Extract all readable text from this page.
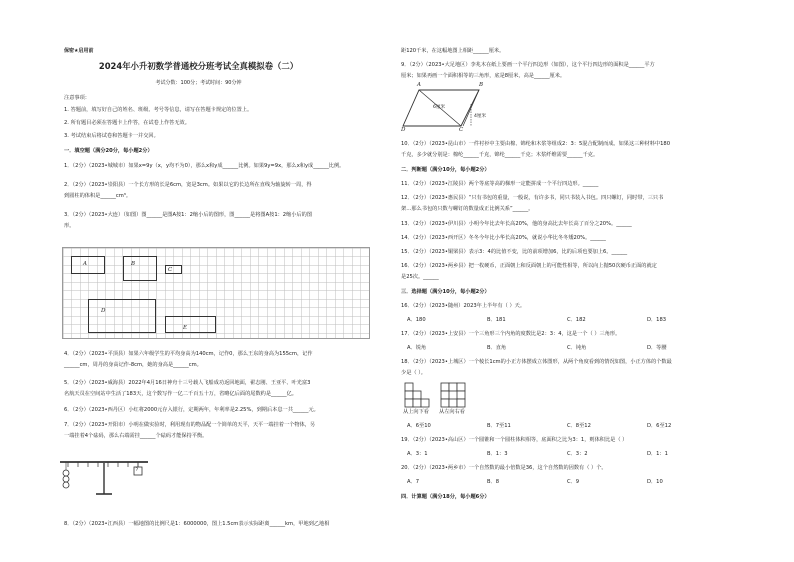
保密★启用前
2024年小升初数学普通校分班考试全真模拟卷（二）
考试分数：100分；考试时间：90分钟
注意事项：
1. 答题前，填写好自己的姓名、班级、考号等信息，请写在答题卡规定的位置上。
2. 所有题目必须在答题卡上作答，在试卷上作答无效。
3. 考试结束后将试卷和答题卡一并交回。
一．填空题（满分20分，每小题2分）
1．（2分）（2023•城城市）如果x=9y（x，y均不为0），那么x和y成______比例。如果9y=9x，那么x和y成______比例。
2．（2分）（2023•崇阳县）一个长方形的长是6cm，宽是3cm。如果以它的长边所在直线为轴旋转一周，得
到圆柱的体积是______cm³。
3．（2分）（2023•大连）（如图）图______是图A按1：2缩小后的图形，图______是将图A按1：2缩小后的图
形。
A	B
C
D
E
4．（2分）（2023•平顶县）如果六年级学生的平均身高为140cm，记作0，那么王东的身高为155cm，记作
______cm，周丹的身高记作-8cm，她的身高是______cm。
5．（2分）（2023•威海县）2022年4月16日神舟十三号载人飞船成功返回地面，翟志刚、王亚平、叶光富3
名航天员在空间站中生活了183天，这个数写作一亿二千百五十万，省略亿后面的尾数约是______亿。
6．（2分）（2023•西丹区）小红将2000元存入银行，定期两年，年利率是2.25%，到期后本息一共______元。
7．（2分）（2023•开阳市）小明在做实验时，利用现有的物品配一个简单的天平，天平一端挂着一个物体，另
一端挂着4个砝码，那么右端需挂______个砝码才能保持平衡。
?
8．（2分）（2023•江西县）一幅地图的比例尺是1：6000000，图上1.5cm表示实际距离______km，甲地到乙地相
距120千米，在这幅地图上相距______厘米。
9．（2分）（2023•大足地区）李兆木在纸上要画一个平行四边形（如图），这个平行四边形的面积是______平方
厘米；如果再画一个面积相等的三角形，底是8厘米，高是______厘米。
A	B
C
D
6厘米
4厘米
10．（2分）（2023•昆山市）一件衬衫中主要由棉、锦纶和木浆等组成2：3：5混合配制而成。如果这三种材料中180
千克，多少就分别是：棉纶______千克，锦纶______千克；木浆纤维需要______千克。
二．判断题（满分10分，每小题2分）
11．（2分）（2023•江陵县）两个等底等高的梯形一定能拼成一个平行四边形。______
12．（2分）（2023•惠民县）“只有书包的重量，一般说，有许多书，同只书装入书包。四只螺钉，同时带，三只书
架…那么书包的只数与螺钉的数量成正比例关系”______。
13．（2分）（2023•伊川县）小明今年比去年长高20%，他的身高比去年长高了百分之20%。______
14．（2分）（2023•西开区）冬冬今年比小华长高20%，就说小华比冬冬矮20%。______
15．（2分）（2023•铜梁县）表示3：4的比值不变，比的前项增加6，比的后项也要加上6。______
16．（2分）（2023•两乡县）把一枚硬币，正面朝上和反面朝上的可能性相等，所以向上抛50次硬币正面的就定
是25次。______
三．选择题（满分10分，每小题2分）
16．（2分）（2023•随州）2023年上半年有（ ）天。
A．180	B．181	C．182	D．183
17．（2分）（2023•上安县）一个三角形三个内角的度数比是2：3：4，这是一个（ ）三角形。
A．锐角	B．直角	C．钝角	D．等腰
18．（2分）（2023•上城区）一个棱长1cm的小正方体摆成立体图形，从两个角度看到的情况如图，小正方体的个数最
少是（ ）。
从上向下看 从左向右看
A．6至10	B．7至11	C．8至12	D．6至12
19．（2分）（2023•高山区）一个圆锥和一个圆柱体积相等，底面积之比为3：1，则体积比是（ ）
A．3：1	B．1：3	C．3：2	D．1：1
20．（2分）（2023•两乡市）一个自然数的最小倍数是36，这个自然数的因数有（ ）个。
A．7	B．8	C．9	D．10
四．计算题（满分18分，每小题6分）
